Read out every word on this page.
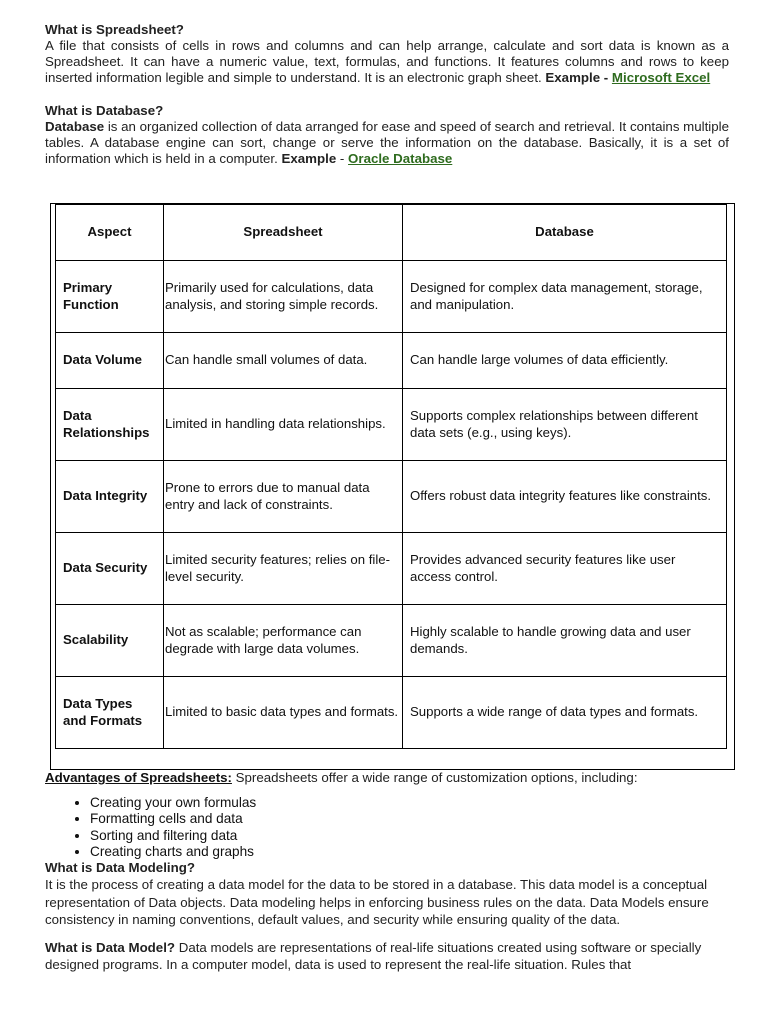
What is Spreadsheet?

A file that consists of cells in rows and columns and can help arrange, calculate and sort data is known as a Spreadsheet. It can have a numeric value, text, formulas, and functions. It features columns and rows to keep inserted information legible and simple to understand. It is an electronic graph sheet. Example - Microsoft Excel

What is Database?

Database is an organized collection of data arranged for ease and speed of search and retrieval. It contains multiple tables. A database engine can sort, change or serve the information on the database. Basically, it is a set of information which is held in a computer. Example - Oracle Database

Aspect	Spreadsheet	Database
Primary Function	Primarily used for calculations, data analysis, and storing simple records.	Designed for complex data management, storage, and manipulation.
Data Volume	Can handle small volumes of data.	Can handle large volumes of data efficiently.
Data Relationships	Limited in handling data relationships.	Supports complex relationships between different data sets (e.g., using keys).
Data Integrity	Prone to errors due to manual data entry and lack of constraints.	Offers robust data integrity features like constraints.
Data Security	Limited security features; relies on file-level security.	Provides advanced security features like user access control.
Scalability	Not as scalable; performance can degrade with large data volumes.	Highly scalable to handle growing data and user demands.
Data Types and Formats	Limited to basic data types and formats.	Supports a wide range of data types and formats.

Advantages of Spreadsheets: Spreadsheets offer a wide range of customization options, including:

• Creating your own formulas
• Formatting cells and data
• Sorting and filtering data
• Creating charts and graphs

What is Data Modeling?

It is the process of creating a data model for the data to be stored in a database. This data model is a conceptual representation of Data objects. Data modeling helps in enforcing business rules on the data. Data Models ensure consistency in naming conventions, default values, and security while ensuring quality of the data.

What is Data Model? Data models are representations of real-life situations created using software or specially designed programs. In a computer model, data is used to represent the real-life situation. Rules that
